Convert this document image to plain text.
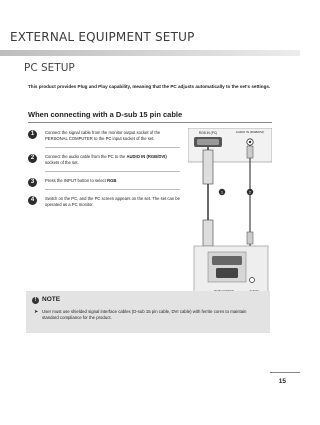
EXTERNAL EQUIPMENT SETUP
PC SETUP
This product provides Plug and Play capability, meaning that the PC adjusts automatically to the set's settings.
When connecting with a D-sub 15 pin cable
1	Connect the signal cable from the monitor output socket of the PERSONAL COMPUTER to the PC input socket of the set.
2	Connect the audio cable from the PC to the AUDIO IN (RGB/DVI) sockets of the set.
3	Press the INPUT button to select RGB.
4	Switch on the PC, and the PC screen appears on the set. The set can be operated as a PC monitor.
RGB IN (PC)	AUDIO IN (RGB/DVI)
1	2
! NOTE
➤ User must use shielded signal interface cables (D-sub 15 pin cable, DVI cable) with ferrite cores to maintain standard compliance for the product.
15
